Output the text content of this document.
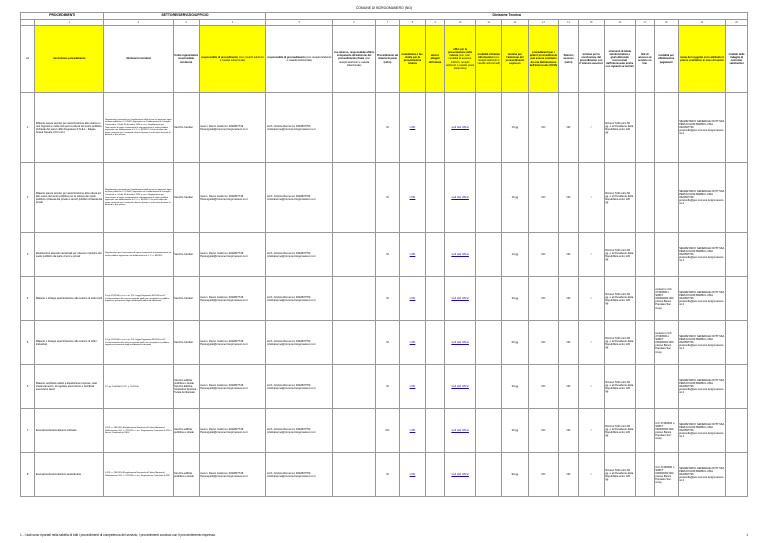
COMUNE DI BORGOMANERO (NO)
PROCEDIMENTI		SETTORE/SERVIZIO/UFFICIO			Divisione Tecnica															
	1	2	3	4	5	6	7	8	9	10	11	12	13	14	15	16	17	18	19	20
nr	descrizione procedimento	riferimenti normativi	Unità organizzativa responsabile istruttoria	responsabile di procedimento (con recapiti telefonici e casella istituzionale)	responsabile di provvedimento (con recapiti telefonici e casella istituzionale)	ove diverso, responsabile ufficio competente all'adozione del provvedimento finale (con recapiti telefonici e casella istituzionale)	Procedimento ad istanza di parte (si/no)	modulistica e fac-simile per la presentazione istanza	elenco allegati all'istanza	uffici per la presentazione delle istanze (con orari, modalità di accesso, indirizzi, recapiti telefonici e caselle posta elettronica)	modalità richiesta informazioni (con recapiti telefonici e caselle istituzionali)	termine per l'adozione del provvedimento espresso	procedimenti per i quali il provvedimento può essere sostituito da una dichiarazione dell'interessato (SCIA)	Silenzio assenso (si/no)	termine per la conclusione del procedimento con il 'silenzio assenso'	strumenti di tutela amministrativa e giurisdizionale riconosciuti dall'interessato anche con riguardo ai termini	link di accesso al servizio on line	modalità per effettuazione pagamenti	nome del soggetto cui è attribuito il potere sostitutivo in caso di inerzia	risultati delle indagini di customer satisfaction
1	Rilascio parere tecnico per autorizzazione allo scarico in rete fognaria e nulla osta per la coltura dei suolo pubblico (richiede dei pareri uffici Fognature S.N.E.L., Italgas, Acqua Novara VCO ecc.)	Regolamento comunale per l'applicazione della tassa occupazione spazi ed aree pubbliche C.O.S.A.P. approvato con Deliberazione di Consiglio Comunale n. 54 del 30 dicembre 1998 e s.m.i. Regolamento per l'esecuzione di opere comportanti la manomissione di suolo pubblico approvato con deliberazione di C.C. n. 88/2013. Con esclusione dei tempi necessari per l'eventuale rilascio di pareri o nulla osta da parte di Aziende e Enti esterni.	Servizio Cantieri	Geom. Pavon Guido tel. 0322837749 Pavonguido@comune.borgomanero.no.it	Arch. Cristina Renne tel. 0322837750 cristinarenne@comune.borgomanero.no.it		SI	LINK		vedi dati Ufficio		15 gg	NO	NO	/	Ricorso TAR entro 60 gg. o al Presidente della Repubblica entro 120 gg.			SEGRETARIO GENERALE DOTT.SSA PERUCCHINI BARBA LUISA 0322837709 protocollo@pec.comune.borgomanero.no.it	
2	Rilascio parere tecnico per autorizzazione alla rottura ed allo scavo del suolo pubblico per la coltura dei suolo pubblico richiesta dai privati e servizi pubblici richiesta dai privati	Regolamento comunale per l'applicazione della tassa occupazione spazi ed aree pubbliche C.O.S.A.P. approvato con Deliberazione di Consiglio Comunale n. 54 del 30 dicembre 1998 e s.m.i. Regolamento per l'esecuzione di opere comportanti la manomissione di suolo pubblico approvato con deliberazione di C.C. n. 88/2013. Con esclusione dei tempi necessari per l'eventuale rilascio di pareri o nulla osta da parte di Aziende e Enti esterni.	Servizio Cantieri	Geom. Pavon Guido tel. 0322837749 Pavonguido@comune.borgomanero.no.it	Arch. Cristina Renne tel. 0322837750 cristinarenne@comune.borgomanero.no.it		SI	LINK		vedi dati Ufficio		15 gg	NO	NO	/	Ricorso TAR entro 60 gg. o al Presidente della Repubblica entro 120 gg.			SEGRETARIO GENERALE DOTT.SSA PERUCCHINI BARBA LUISA 0322837709 protocollo@pec.comune.borgomanero.no.it	
3	Restituzione depositi cauzionali per ottenere ripristino del suolo pubblico da parte di enti e privati	Regolamento per l'esecuzione di opere comportanti la manomissione di suolo pubblico approvato con deliberazione di C.C. n. 88/2013	Servizio Cantieri	Geom. Pavon Guido tel. 0322837749 Pavonguido@comune.borgomanero.no.it	Arch. Cristina Renne tel. 0322837750 cristinarenne@comune.borgomanero.no.it		SI	LINK		vedi dati Ufficio		14 gg	NO	NO	/	Ricorso TAR entro 60 gg. o al Presidente della Repubblica entro 120 gg.			SEGRETARIO GENERALE DOTT.SSA PERUCCHINI BARBA LUISA 0322837709 protocollo@pec.comune.borgomanero.no.it	
4	Rilascio o diniego autorizzazione allo scarico di reflui civili	D.Lgs 152/2006 e s.m.i. art 124. Legge Regionale 4/4/2000 art.37 L'autorizzazione allo scarico riguarda quelli non recapitanti in pubblica fognatura, provenienti dagli insediamenti adibiti ad abitazione	Servizio Cantieri	Geom. Pavon Guido tel. 0322837749 Pavonguido@comune.borgomanero.no.it	Arch. Cristina Renne tel. 0322837750 cristinarenne@comune.borgomanero.no.it		SI	LINK		vedi dati Ufficio		30 gg	NO	NO	/	Ricorso TAR entro 60 gg. o al Presidente della Repubblica entro 120 gg.		contanti o C/C 27460506 o SWIFT 000000000 000 presso Banco Popolare Soc. Coop.	SEGRETARIO GENERALE DOTT.SSA PERUCCHINI BARBA LUISA 0322837709 protocollo@pec.comune.borgomanero.no.it	
5	Rilascio o diniego autorizzazione allo scarico di reflui industriali	D.Lgs 152/2006 e s.m.i. art 124. Legge Regionale 4/4/2000 art.37 L'autorizzazione allo scarico riguarda quelli non recapitanti in pubblica fognatura provenienti dagli insediamenti industriali	Servizio Cantieri	Geom. Pavon Guido tel. 0322837749 Pavonguido@comune.borgomanero.no.it	Arch. Cristina Renne tel. 0322837750 cristinarenne@comune.borgomanero.no.it		SI	LINK		vedi dati Ufficio		60 gg	NO	NO	/	Ricorso TAR entro 60 gg. o al Presidente della Repubblica entro 120 gg.		contanti o C/C 27460506 o SWIFT 000000000 000 presso Banco Popolare Soc. Coop.	SEGRETARIO GENERALE DOTT.SSA PERUCCHINI BARBA LUISA 0322837709 protocollo@pec.comune.borgomanero.no.it	
6	Rilascio certificati relativi a liquidazione imprese, stati d'avanzamento, di regolare esecuzione e certificati esecuzioni lavori	D. Lgs. 163/2006 D.P.R. n. 207/2010	Servizio edilizia pubblica e strade Servizio Edilizia Scolastica Sportiva - Tutela Ambientale	Geom. Pavon Guido tel. 0322837749 Pavonguido@comune.borgomanero.no.it	Arch. Cristina Renne tel. 0322837750 cristinarenne@comune.borgomanero.no.it		SI	LINK		vedi dati Ufficio		30 gg	NO	NO	/	Ricorso TAR entro 60 gg. o al Presidente della Repubblica entro 120 gg.			SEGRETARIO GENERALE DOTT.SSA PERUCCHINI BARBA LUISA 0322837709 protocollo@pec.comune.borgomanero.no.it	
7	Esumazioni/estumulazioni ordinarie	D.P.R. n. 285/1990 (Regolamento Nazionale di Polizia Mortuaria) Deliberazione G.R. n. 22/1993 e s.m.i. Regolamento Comunale di P.M. e Servizi Cimiteriali del 2001	Servizio edilizia pubblica e strade	Geom. Pavon Guido tel. 0322837749 Pavonguido@comune.borgomanero.no.it	Arch. Cristina Renne tel. 0322837750 cristinarenne@comune.borgomanero.no.it		NO	LINK		vedi dati Ufficio		30 gg	NO	NO	/	Ricorso TAR entro 60 gg. o al Presidente della Repubblica entro 120 gg.		C/C 27460506 o SWIFT 000000000 000 presso Banco Popolare Soc. Coop.	SEGRETARIO GENERALE DOTT.SSA PERUCCHINI BARBA LUISA 0322837709 protocollo@pec.comune.borgomanero.no.it	
8	Esumazioni/estumulazioni straordinarie	D.P.R. n. 285/1990 (Regolamento Nazionale di Polizia Mortuaria) Deliberazione G.R. n. 22/1993 e s.m.i. Regolamento Comunale di P.M.	Servizio edilizia pubblica e strade	Geom. Pavon Guido tel. 0322837749 Pavonguido@comune.borgomanero.no.it	Arch. Cristina Renne tel. 0322837750 cristinarenne@comune.borgomanero.no.it		SI	LINK		vedi dati Ufficio		90 gg	NO	NO	/	Ricorso TAR entro 60 gg. o al Presidente della Repubblica entro 120 gg.		C/C 27460506 o SWIFT 000000000 000 presso Banco Popolare Soc. Coop.	SEGRETARIO GENERALE DOTT.SSA PERUCCHINI BARBA LUISA 0322837709 protocollo@pec.comune.borgomanero.no.it	
1 - I dati sono riportati nella tabella di tutti i procedimenti di competenza del servizio, i procedimenti conclusi con il provvedimento espresso	1
